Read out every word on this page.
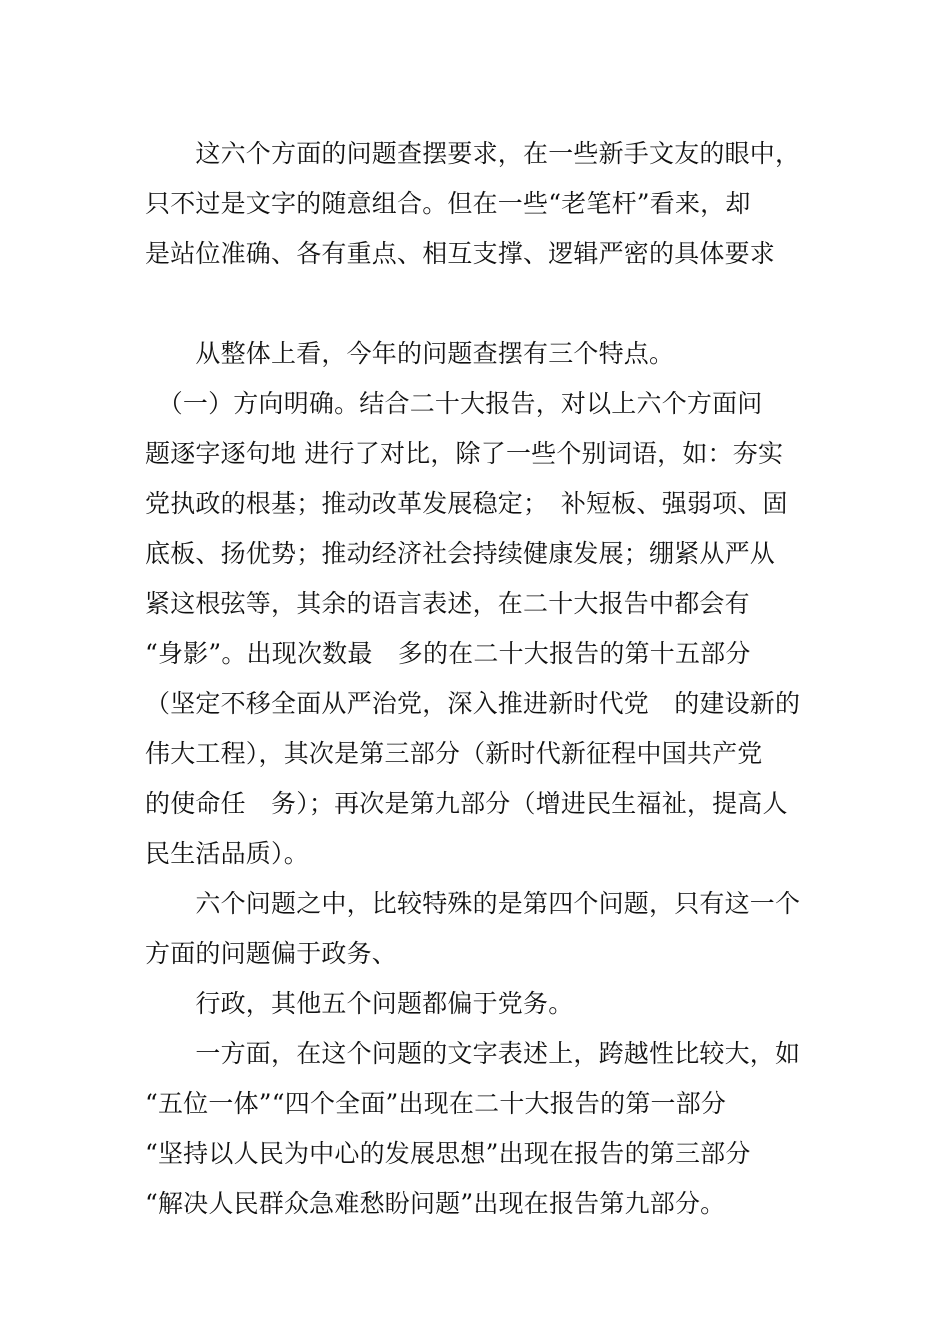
　　这六个方面的问题查摆要求，在一些新手文友的眼中，
只不过是文字的随意组合。但在一些“老笔杆”看来，却
是站位准确、各有重点、相互支撑、逻辑严密的具体要求
　　从整体上看，今年的问题查摆有三个特点。
　（一）方向明确。结合二十大报告，对以上六个方面问
题逐字逐句地 进行了对比，除了一些个别词语，如：夯实
党执政的根基；推动改革发展稳定；　补短板、强弱项、固
底板、扬优势；推动经济社会持续健康发展；绷紧从严从
紧这根弦等，其余的语言表述，在二十大报告中都会有
“身影”。出现次数最　多的在二十大报告的第十五部分
（坚定不移全面从严治党，深入推进新时代党　的建设新的
伟大工程），其次是第三部分（新时代新征程中国共产党
的使命任　务）；再次是第九部分（增进民生福祉，提高人
民生活品质）。
　　六个问题之中，比较特殊的是第四个问题，只有这一个
方面的问题偏于政务、
　　行政，其他五个问题都偏于党务。
　　一方面，在这个问题的文字表述上，跨越性比较大，如
“五位一体”“四个全面”出现在二十大报告的第一部分
“坚持以人民为中心的发展思想”出现在报告的第三部分
“解决人民群众急难愁盼问题”出现在报告第九部分。
